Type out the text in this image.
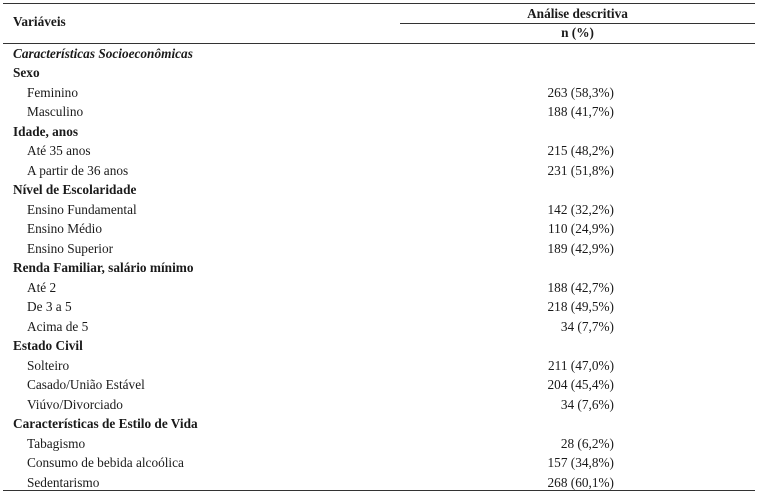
Variáveis
Análise descritiva
n (%)
Características Socioeconômicas
Sexo
Feminino	263 (58,3%)
Masculino	188 (41,7%)
Idade, anos
Até 35 anos	215 (48,2%)
A partir de 36 anos	231 (51,8%)
Nível de Escolaridade
Ensino Fundamental	142 (32,2%)
Ensino Médio	110 (24,9%)
Ensino Superior	189 (42,9%)
Renda Familiar, salário mínimo
Até 2	188 (42,7%)
De 3 a 5	218 (49,5%)
Acima de 5	34 (7,7%)
Estado Civil
Solteiro	211 (47,0%)
Casado/União Estável	204 (45,4%)
Viúvo/Divorciado	34 (7,6%)
Características de Estilo de Vida
Tabagismo	28 (6,2%)
Consumo de bebida alcoólica	157 (34,8%)
Sedentarismo	268 (60,1%)
